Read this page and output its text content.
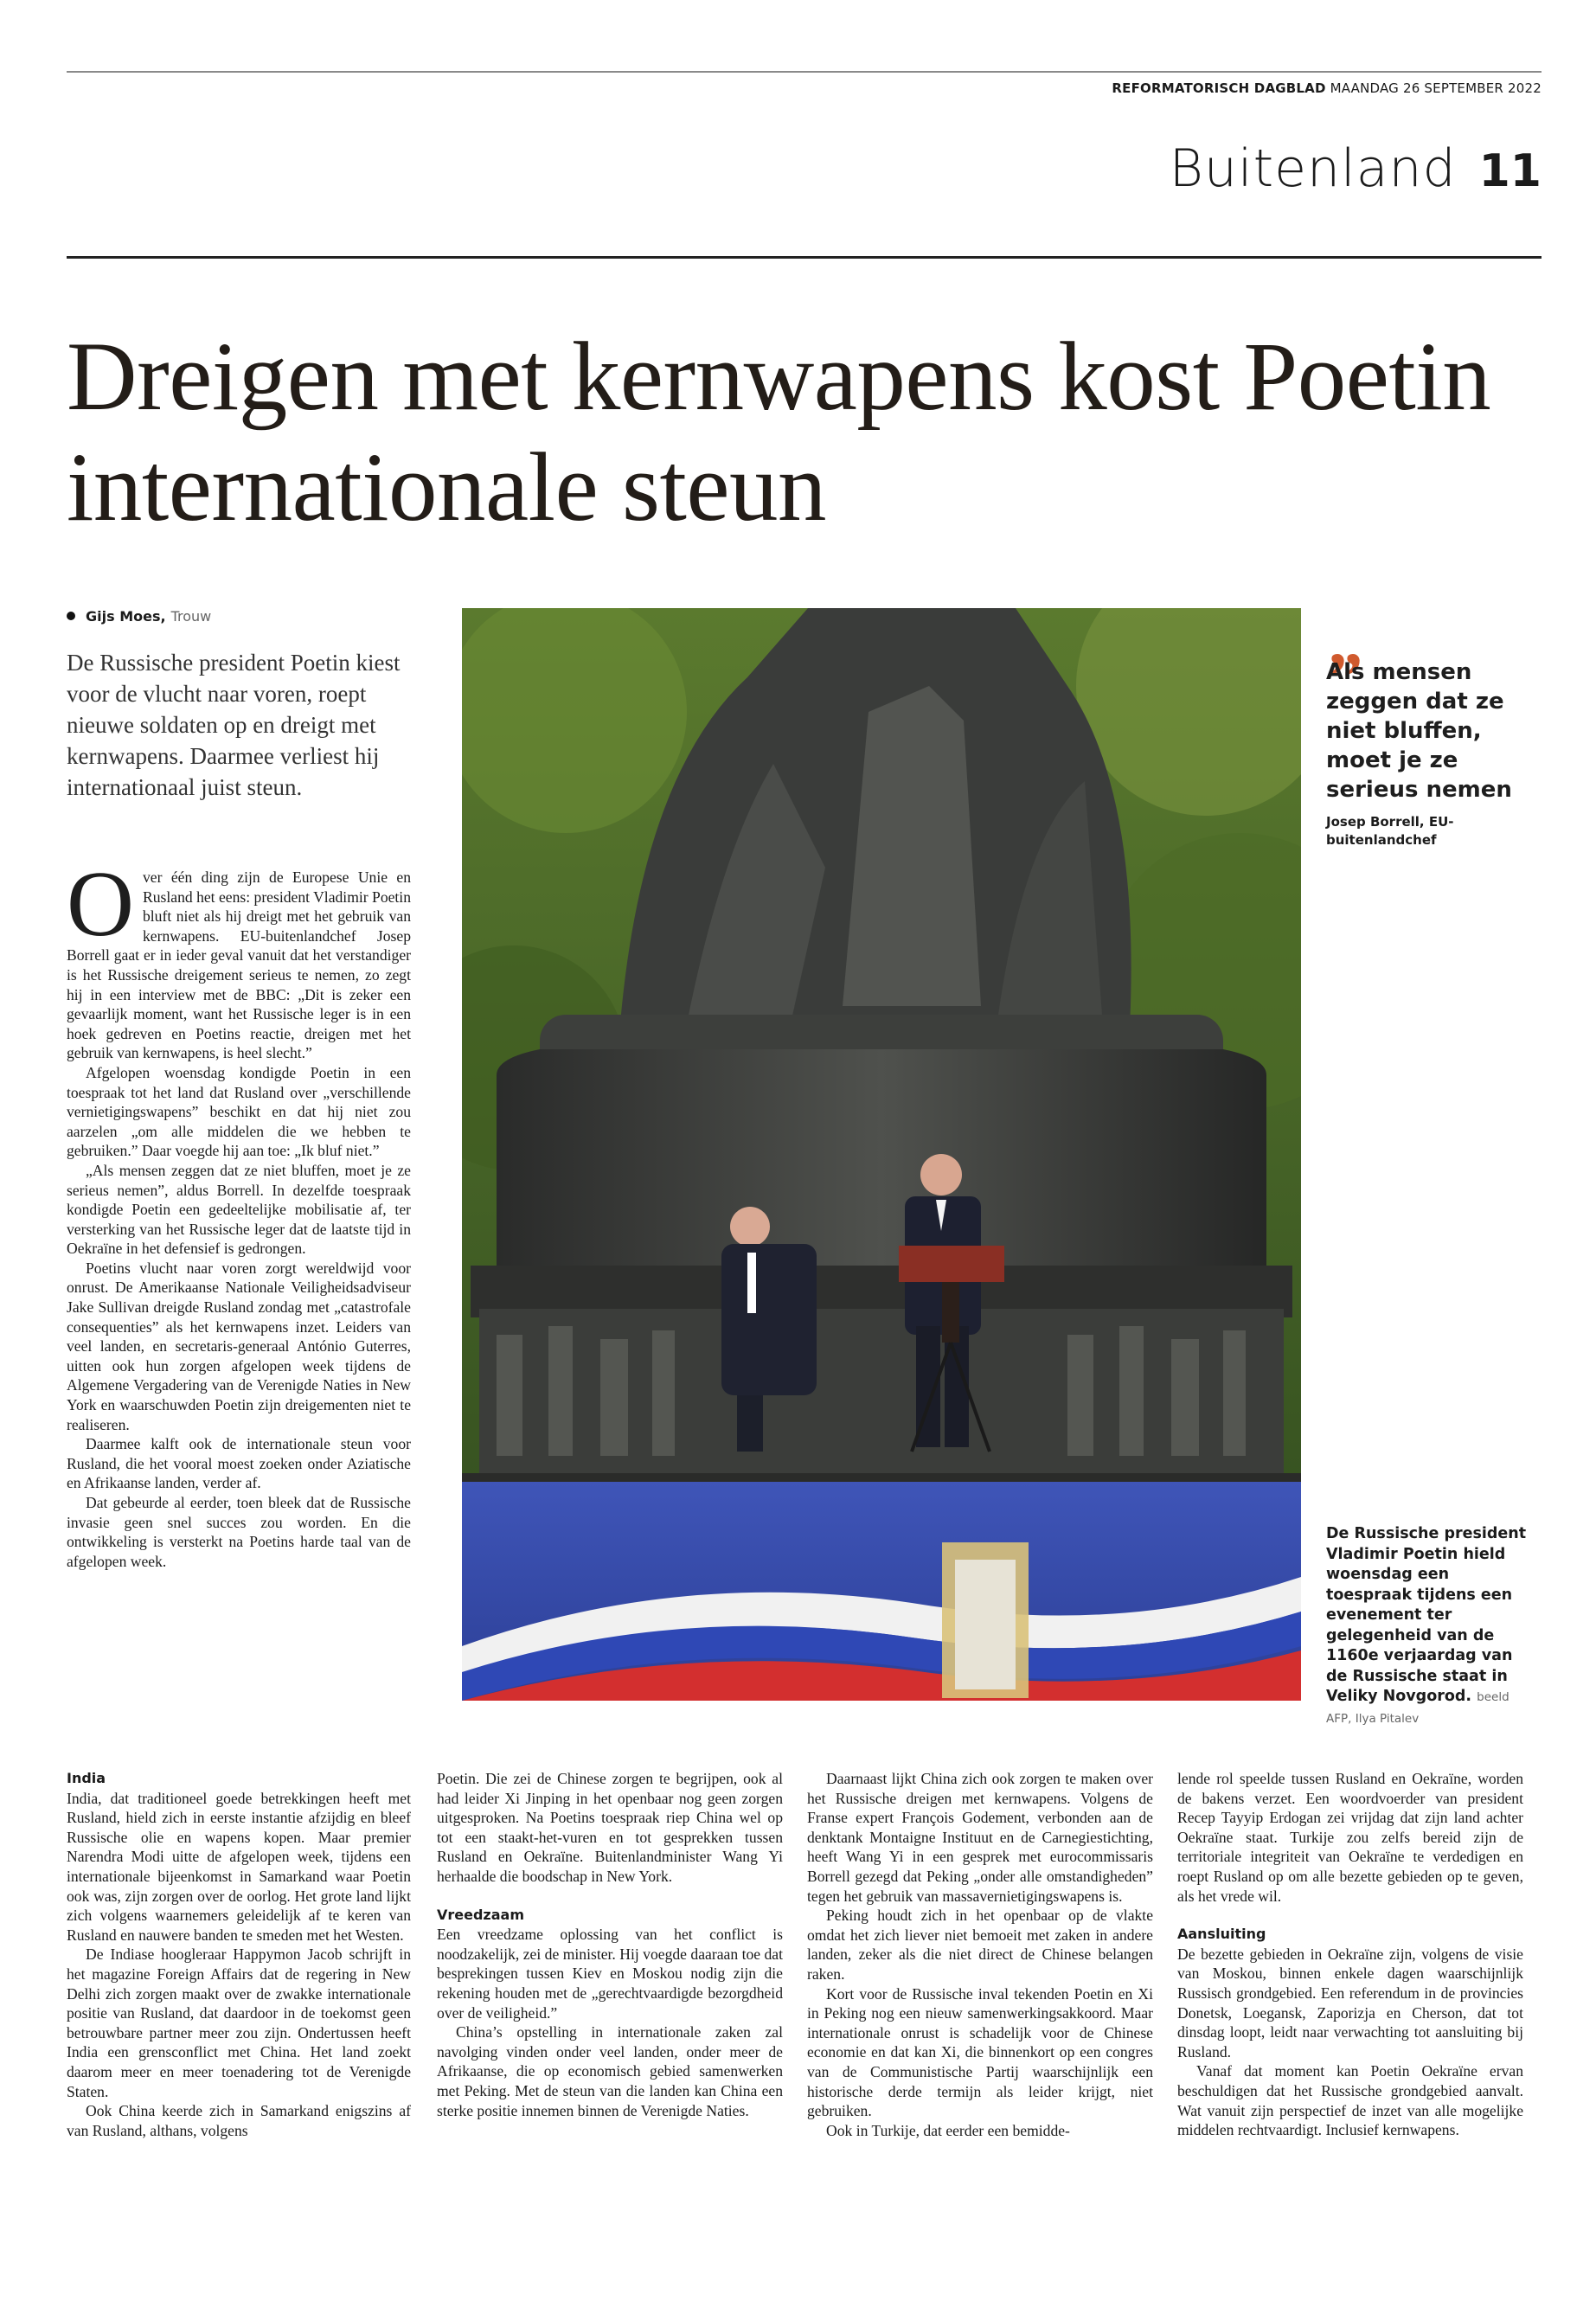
REFORMATORISCH DAGBLAD MAANDAG 26 SEPTEMBER 2022
Buitenland 11
Dreigen met kernwapens kost Poetin internationale steun
Gijs Moes, Trouw
De Russische president Poetin kiest voor de vlucht naar voren, roept nieuwe soldaten op en dreigt met kernwapens. Daarmee verliest hij internationaal juist steun.

Over één ding zijn de Europese Unie en Rusland het eens: president Vladimir Poetin bluft niet als hij dreigt met het gebruik van kernwapens. EU-buitenlandchef Josep Borrell gaat er in ieder geval vanuit dat het verstandiger is het Russische dreigement serieus te nemen, zo zegt hij in een interview met de BBC: „Dit is zeker een gevaarlijk moment, want het Russische leger is in een hoek gedreven en Poetins reactie, dreigen met het gebruik van kernwapens, is heel slecht.”

Afgelopen woensdag kondigde Poetin in een toespraak tot het land dat Rusland over „verschillende vernietigingswapens” beschikt en dat hij niet zou aarzelen „om alle middelen die we hebben te gebruiken.” Daar voegde hij aan toe: „Ik bluf niet.”

„Als mensen zeggen dat ze niet bluffen, moet je ze serieus nemen”, aldus Borrell. In dezelfde toespraak kondigde Poetin een gedeeltelijke mobilisatie af, ter versterking van het Russische leger dat de laatste tijd in Oekraïne in het defensief is gedrongen.

Poetins vlucht naar voren zorgt wereldwijd voor onrust. De Amerikaanse Nationale Veiligheidsadviseur Jake Sullivan dreigde Rusland zondag met „catastrofale consequenties” als het kernwapens inzet. Leiders van veel landen, en secretaris-generaal António Guterres, uitten ook hun zorgen afgelopen week tijdens de Algemene Vergadering van de Verenigde Naties in New York en waarschuwden Poetin zijn dreigementen niet te realiseren.

Daarmee kalft ook de internationale steun voor Rusland, die het vooral moest zoeken onder Aziatische en Afrikaanse landen, verder af.

Dat gebeurde al eerder, toen bleek dat de Russische invasie geen snel succes zou worden. En die ontwikkeling is versterkt na Poetins harde taal van de afgelopen week.

„
Als mensen zeggen dat ze niet bluffen, moet je ze serieus nemen
Josep Borrell, EU-buitenlandchef
De Russische president Vladimir Poetin hield woensdag een toespraak tijdens een evenement ter gelegenheid van de 1160e verjaardag van de Russische staat in Veliky Novgorod. beeld AFP, Ilya Pitalev
India

India, dat traditioneel goede betrekkingen heeft met Rusland, hield zich in eerste instantie afzijdig en bleef Russische olie en wapens kopen. Maar premier Narendra Modi uitte de afgelopen week, tijdens een internationale bijeenkomst in Samarkand waar Poetin ook was, zijn zorgen over de oorlog. Het grote land lijkt zich volgens waarnemers geleidelijk af te keren van Rusland en nauwere banden te smeden met het Westen.

De Indiase hoogleraar Happymon Jacob schrijft in het magazine Foreign Affairs dat de regering in New Delhi zich zorgen maakt over de zwakke internationale positie van Rusland, dat daardoor in de toekomst geen betrouwbare partner meer zou zijn. Ondertussen heeft India een grensconflict met China. Het land zoekt daarom meer en meer toenadering tot de Verenigde Staten.

Ook China keerde zich in Samarkand enigszins af van Rusland, althans, volgens

Poetin. Die zei de Chinese zorgen te begrijpen, ook al had leider Xi Jinping in het openbaar nog geen zorgen uitgesproken. Na Poetins toespraak riep China wel op tot een staakt-het-vuren en tot gesprekken tussen Rusland en Oekraïne. Buitenlandminister Wang Yi herhaalde die boodschap in New York.

Vreedzaam

Een vreedzame oplossing van het conflict is noodzakelijk, zei de minister. Hij voegde daaraan toe dat besprekingen tussen Kiev en Moskou nodig zijn die rekening houden met de „gerechtvaardigde bezorgdheid over de veiligheid.”

China’s opstelling in internationale zaken zal navolging vinden onder veel landen, onder meer de Afrikaanse, die op economisch gebied samenwerken met Peking. Met de steun van die landen kan China een sterke positie innemen binnen de Verenigde Naties.

Daarnaast lijkt China zich ook zorgen te maken over het Russische dreigen met kernwapens. Volgens de Franse expert François Godement, verbonden aan de denktank Montaigne Instituut en de Carnegiestichting, heeft Wang Yi in een gesprek met eurocommissaris Borrell gezegd dat Peking „onder alle omstandigheden” tegen het gebruik van massavernietigingswapens is.

Peking houdt zich in het openbaar op de vlakte omdat het zich liever niet bemoeit met zaken in andere landen, zeker als die niet direct de Chinese belangen raken.

Kort voor de Russische inval tekenden Poetin en Xi in Peking nog een nieuw samenwerkingsakkoord. Maar internationale onrust is schadelijk voor de Chinese economie en dat kan Xi, die binnenkort op een congres van de Communistische Partij waarschijnlijk een historische derde termijn als leider krijgt, niet gebruiken.

Ook in Turkije, dat eerder een bemidde-

lende rol speelde tussen Rusland en Oekraïne, worden de bakens verzet. Een woordvoerder van president Recep Tayyip Erdogan zei vrijdag dat zijn land achter Oekraïne staat. Turkije zou zelfs bereid zijn de territoriale integriteit van Oekraïne te verdedigen en roept Rusland op om alle bezette gebieden op te geven, als het vrede wil.

Aansluiting

De bezette gebieden in Oekraïne zijn, volgens de visie van Moskou, binnen enkele dagen waarschijnlijk Russisch grondgebied. Een referendum in de provincies Donetsk, Loegansk, Zaporizja en Cherson, dat tot dinsdag loopt, leidt naar verwachting tot aansluiting bij Rusland.

Vanaf dat moment kan Poetin Oekraïne ervan beschuldigen dat het Russische grondgebied aanvalt. Wat vanuit zijn perspectief de inzet van alle mogelijke middelen rechtvaardigt. Inclusief kernwapens.
